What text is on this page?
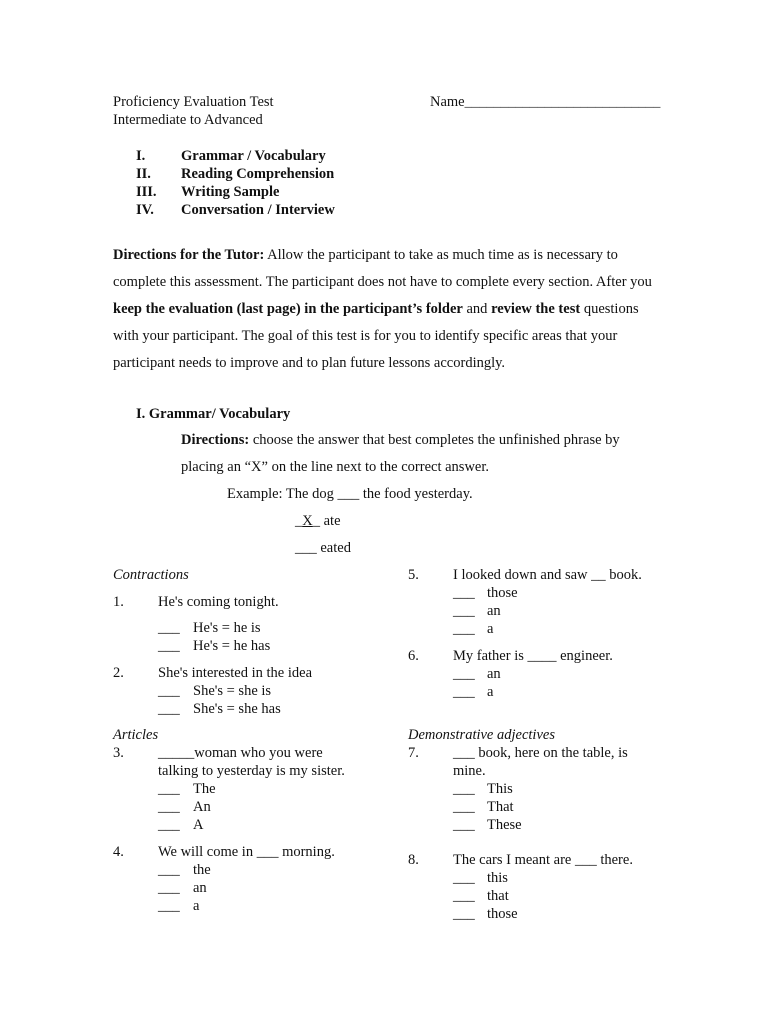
Proficiency Evaluation Test
Intermediate to Advanced
Name___________________________
I. Grammar / Vocabulary
II. Reading Comprehension
III. Writing Sample
IV. Conversation / Interview
Directions for the Tutor: Allow the participant to take as much time as is necessary to complete this assessment. The participant does not have to complete every section. After you keep the evaluation (last page) in the participant’s folder and review the test questions with your participant. The goal of this test is for you to identify specific areas that your participant needs to improve and to plan future lessons accordingly.
I. Grammar/ Vocabulary
Directions: choose the answer that best completes the unfinished phrase by
placing an “X” on the line next to the correct answer.
Example: The dog ___ the food yesterday.
_X_ ate
___ eated
Contractions
1. He's coming tonight.
___ He's = he is
___ He's = he has
2. She's interested in the idea
___ She's = she is
___ She's = she has
Articles
3. _____woman who you were
talking to yesterday is my sister.
___ The
___ An
___ A
4. We will come in ___ morning.
___ the
___ an
___ a
5. I looked down and saw __ book.
___ those
___ an
___ a
6. My father is ____ engineer.
___ an
___ a
Demonstrative adjectives
7. ___ book, here on the table, is
mine.
___ This
___ That
___ These
8. The cars I meant are ___ there.
___ this
___ that
___ those
